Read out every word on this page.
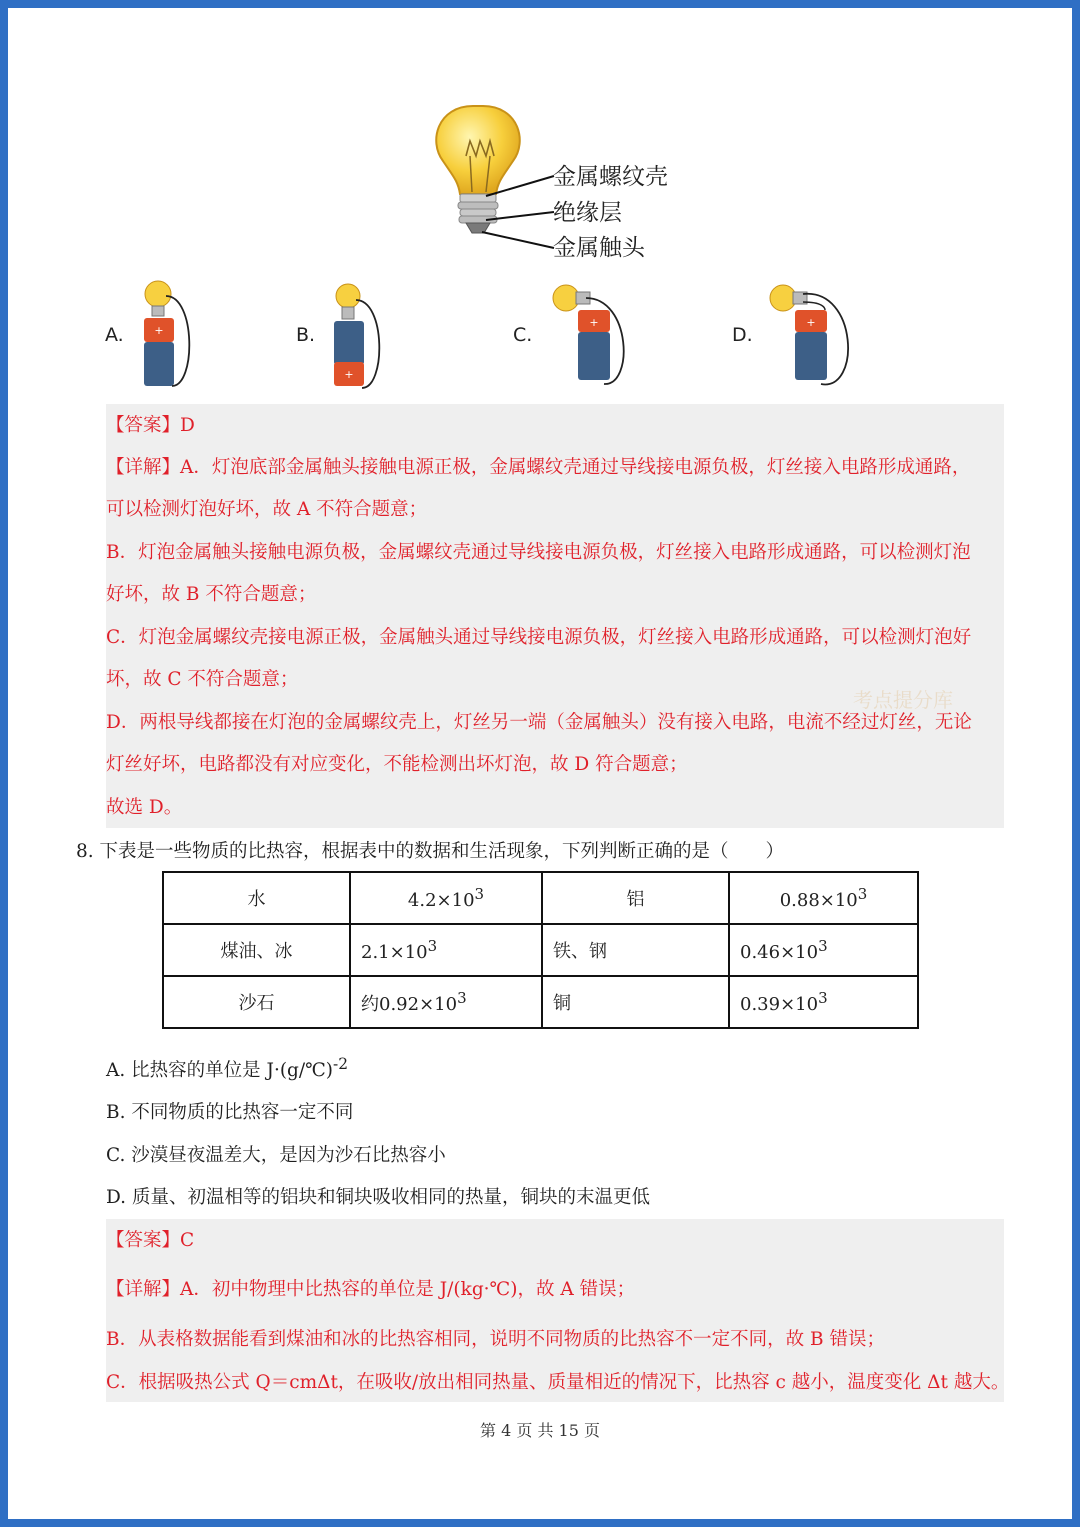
金属螺纹壳
绝缘层
金属触头
A.	+	B.
+
C.
+
D.
+
【答案】D
【详解】A．灯泡底部金属触头接触电源正极，金属螺纹壳通过导线接电源负极，灯丝接入电路形成通路，
可以检测灯泡好坏，故 A 不符合题意；
B．灯泡金属触头接触电源负极，金属螺纹壳通过导线接电源负极，灯丝接入电路形成通路，可以检测灯泡
好坏，故 B 不符合题意；
C．灯泡金属螺纹壳接电源正极，金属触头通过导线接电源负极，灯丝接入电路形成通路，可以检测灯泡好
坏，故 C 不符合题意；
D．两根导线都接在灯泡的金属螺纹壳上，灯丝另一端（金属触头）没有接入电路，电流不经过灯丝，无论
灯丝好坏，电路都没有对应变化，不能检测出坏灯泡，故 D 符合题意；
故选 D。
考点提分库
8. 下表是一些物质的比热容，根据表中的数据和生活现象，下列判断正确的是（　　）
水	$4.2\times 10^3$	铝	$0.88\times 10^3$
煤油、冰	$2.1\times 10^3$	铁、钢	$0.46\times 10^3$
沙石	约$0.92\times 10^3$	铜	$0.39\times 10^3$
A. 比热容的单位是 J·(g/℃)$^{-2}$
B. 不同物质的比热容一定不同
C. 沙漠昼夜温差大，是因为沙石比热容小
D. 质量、初温相等的铝块和铜块吸收相同的热量，铜块的末温更低
【答案】C
【详解】A．初中物理中比热容的单位是 J/(kg·℃)，故 A 错误；
B．从表格数据能看到煤油和冰的比热容相同，说明不同物质的比热容不一定不同，故 B 错误；
C．根据吸热公式 Q＝cmΔt，在吸收/放出相同热量、质量相近的情况下，比热容 c 越小，温度变化 Δt 越大。
第 4 页 共 15 页
